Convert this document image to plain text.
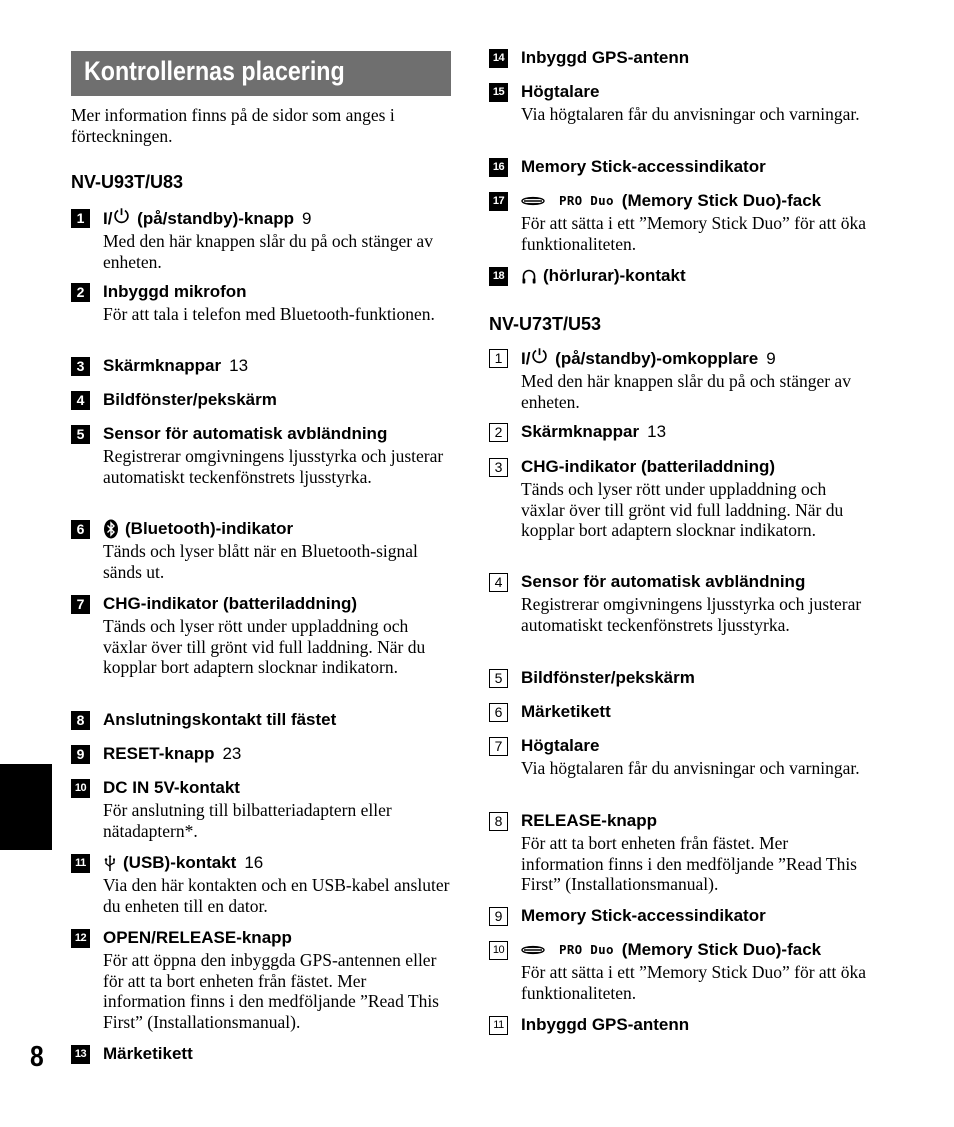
Kontrollernas placering

Mer information finns på de sidor som anges i förteckningen.

NV-U93T/U83
NV-U73T/U53
1	I/
(på/standby)-knapp 9
Med den här knappen slår du på och stänger av enheten.
2	Inbyggd mikrofon
För att tala i telefon med Bluetooth-funktionen.
3	Skärmknappar 13
4	Bildfönster/pekskärm
5	Sensor för automatisk avbländning
Registrerar omgivningens ljusstyrka och justerar automatiskt teckenfönstrets ljusstyrka.
6	(Bluetooth)-indikator
Tänds och lyser blått när en Bluetooth-signal sänds ut.
7	CHG-indikator (batteriladdning)
Tänds och lyser rött under uppladdning och växlar över till grönt vid full laddning. När du kopplar bort adaptern slocknar indikatorn.
8	Anslutningskontakt till fästet
9	RESET-knapp 23
10 DC IN 5V-kontakt
För anslutning till bilbatteriadaptern eller nätadaptern*.
11 (USB)-kontakt 16
Via den här kontakten och en USB-kabel ansluter du enheten till en dator.
12 OPEN/RELEASE-knapp
För att öppna den inbyggda GPS-antennen eller för att ta bort enheten från fästet. Mer information finns i den medföljande ”Read This First” (Installationsmanual).
13 Märketikett
14 Inbyggd GPS-antenn
15 Högtalare
Via högtalaren får du anvisningar och varningar.
16 Memory Stick-accessindikator
17	PRO Duo (Memory Stick Duo)-fack
För att sätta i ett ”Memory Stick Duo” för att öka funktionaliteten.
18 (hörlurar)-kontakt
1	I/
(på/standby)-omkopplare 9
Med den här knappen slår du på och stänger av enheten.
2	Skärmknappar 13
3	CHG-indikator (batteriladdning)
Tänds och lyser rött under uppladdning och växlar över till grönt vid full laddning. När du kopplar bort adaptern slocknar indikatorn.
4	Sensor för automatisk avbländning
Registrerar omgivningens ljusstyrka och justerar automatiskt teckenfönstrets ljusstyrka.
5	Bildfönster/pekskärm
6	Märketikett
7	Högtalare
Via högtalaren får du anvisningar och varningar.
8	RELEASE-knapp
För att ta bort enheten från fästet. Mer information finns i den medföljande ”Read This First” (Installationsmanual).
9	Memory Stick-accessindikator
10	PRO Duo (Memory Stick Duo)-fack
För att sätta i ett ”Memory Stick Duo” för att öka funktionaliteten.
11 Inbyggd GPS-antenn
8
